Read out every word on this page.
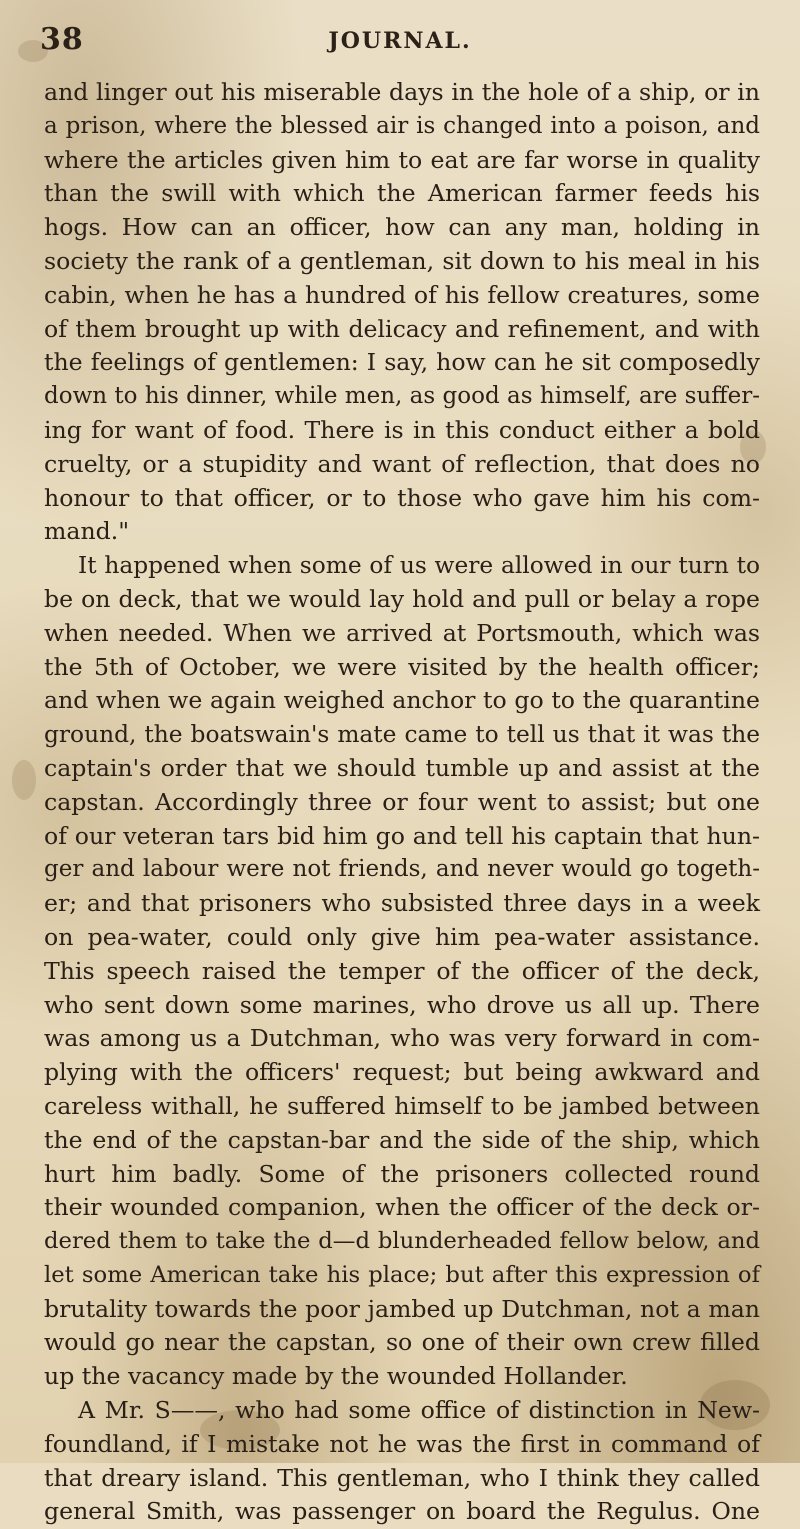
38	JOURNAL.
and linger out his miserable days in the hole of a ship, or in
a prison, where the blessed air is changed into a poison, and
where the articles given him to eat are far worse in quality
than the swill with which the American farmer feeds his
hogs. How can an officer, how can any man, holding in
society the rank of a gentleman, sit down to his meal in his
cabin, when he has a hundred of his fellow creatures, some
of them brought up with delicacy and refinement, and with
the feelings of gentlemen: I say, how can he sit composedly
down to his dinner, while men, as good as himself, are suffer-
ing for want of food. There is in this conduct either a bold
cruelty, or a stupidity and want of reflection, that does no
honour to that officer, or to those who gave him his com-
mand."
It happened when some of us were allowed in our turn to
be on deck, that we would lay hold and pull or belay a rope
when needed. When we arrived at Portsmouth, which was
the 5th of October, we were visited by the health officer;
and when we again weighed anchor to go to the quarantine
ground, the boatswain's mate came to tell us that it was the
captain's order that we should tumble up and assist at the
capstan. Accordingly three or four went to assist; but one
of our veteran tars bid him go and tell his captain that hun-
ger and labour were not friends, and never would go togeth-
er; and that prisoners who subsisted three days in a week
on pea-water, could only give him pea-water assistance.
This speech raised the temper of the officer of the deck,
who sent down some marines, who drove us all up. There
was among us a Dutchman, who was very forward in com-
plying with the officers' request; but being awkward and
careless withall, he suffered himself to be jambed between
the end of the capstan-bar and the side of the ship, which
hurt him badly. Some of the prisoners collected round
their wounded companion, when the officer of the deck or-
dered them to take the d—d blunderheaded fellow below, and
let some American take his place; but after this expression of
brutality towards the poor jambed up Dutchman, not a man
would go near the capstan, so one of their own crew filled
up the vacancy made by the wounded Hollander.
A Mr. S——, who had some office of distinction in New-
foundland, if I mistake not he was the first in command of
that dreary island. This gentleman, who I think they called
general Smith, was passenger on board the Regulus. One
